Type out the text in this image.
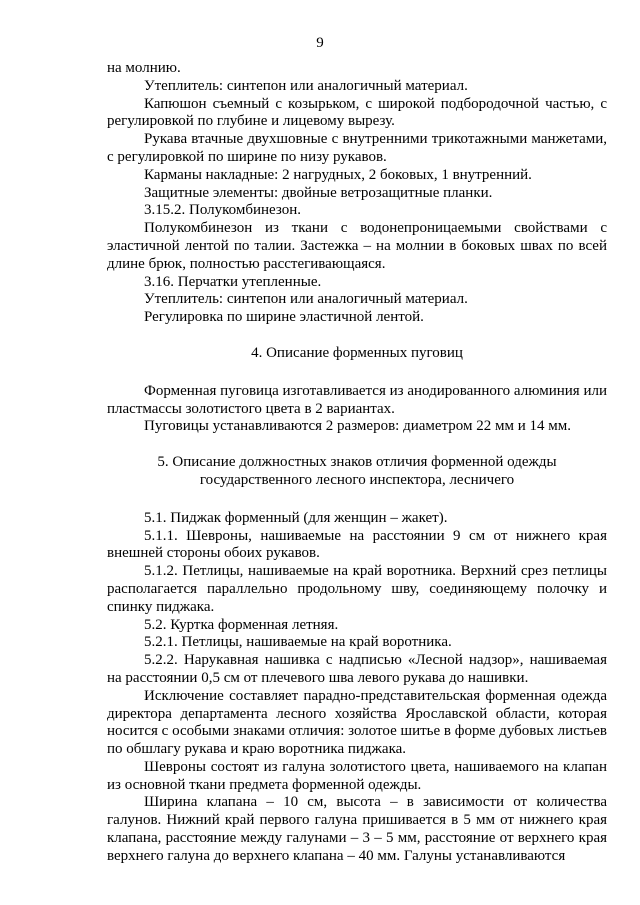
9

на молнию.

Утеплитель: синтепон или аналогичный материал.

Капюшон съемный с козырьком, с широкой подбородочной частью, с регулировкой по глубине и лицевому вырезу.

Рукава втачные двухшовные с внутренними трикотажными манжетами, с регулировкой по ширине по низу рукавов.

Карманы накладные: 2 нагрудных, 2 боковых, 1 внутренний.

Защитные элементы: двойные ветрозащитные планки.

3.15.2. Полукомбинезон.

Полукомбинезон из ткани с водонепроницаемыми свойствами с эластичной лентой по талии. Застежка – на молнии в боковых швах по всей длине брюк, полностью расстегивающаяся.

3.16. Перчатки утепленные.

Утеплитель: синтепон или аналогичный материал.

Регулировка по ширине эластичной лентой.

4. Описание форменных пуговиц

Форменная пуговица изготавливается из анодированного алюминия или пластмассы золотистого цвета в 2 вариантах.

Пуговицы устанавливаются 2 размеров: диаметром 22 мм и 14 мм.

5. Описание должностных знаков отличия форменной одежды государственного лесного инспектора, лесничего

5.1. Пиджак форменный (для женщин – жакет).

5.1.1. Шевроны, нашиваемые на расстоянии 9 см от нижнего края внешней стороны обоих рукавов.

5.1.2. Петлицы, нашиваемые на край воротника. Верхний срез петлицы располагается параллельно продольному шву, соединяющему полочку и спинку пиджака.

5.2. Куртка форменная летняя.

5.2.1. Петлицы, нашиваемые на край воротника.

5.2.2. Нарукавная нашивка с надписью «Лесной надзор», нашиваемая на расстоянии 0,5 см от плечевого шва левого рукава до нашивки.

Исключение составляет парадно-представительская форменная одежда директора департамента лесного хозяйства Ярославской области, которая носится с особыми знаками отличия: золотое шитье в форме дубовых листьев по обшлагу рукава и краю воротника пиджака.

Шевроны состоят из галуна золотистого цвета, нашиваемого на клапан из основной ткани предмета форменной одежды.

Ширина клапана – 10 см, высота – в зависимости от количества галунов. Нижний край первого галуна пришивается в 5 мм от нижнего края клапана, расстояние между галунами – 3 – 5 мм, расстояние от верхнего края верхнего галуна до верхнего клапана – 40 мм. Галуны устанавливаются
